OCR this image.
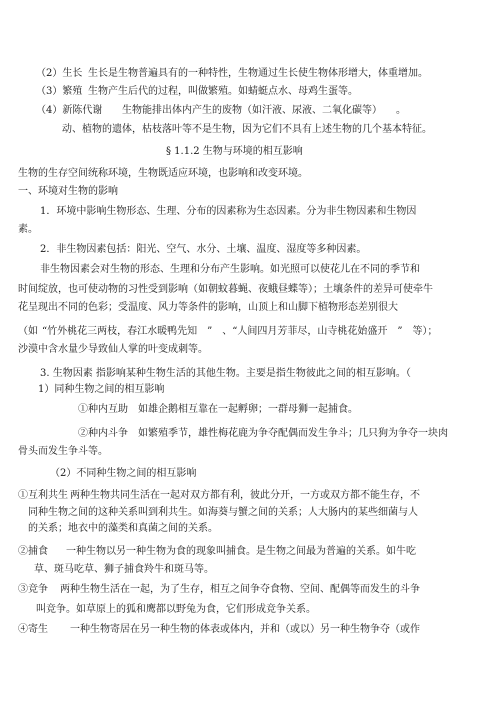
（2）生长 生长是生物普遍具有的一种特性，生物通过生长使生物体形增大，体重增加。
（3）繁殖 生物产生后代的过程，叫做繁殖。如蜻蜓点水、母鸡生蛋等。
（4）新陈代谢 生物能排出体内产生的废物（如汗液、尿液、二氧化碳等） 。
动、植物的遗体，枯枝落叶等不是生物，因为它们不具有上述生物的几个基本特征。
§ 1.1.2 生物与环境的相互影响
生物的生存空间统称环境，生物既适应环境，也影响和改变环境。
一、环境对生物的影响
1．环境中影响生物形态、生理、分布的因素称为生态因素。分为非生物因素和生物因
素。
2．非生物因素包括：阳光、空气、水分、土壤、温度、湿度等多种因素。
非生物因素会对生物的形态、生理和分布产生影响。如光照可以使花儿在不同的季节和
时间绽放，也可使动物的习性受到影响（如朝蚊暮蝇、夜蛾昼蝶等）；土壤条件的差异可使牵牛
花呈现出不同的色彩；受温度、风力等条件的影响，山顶上和山脚下植物形态差别很大
（如 “竹外桃花三两枝，春江水暖鸭先知 ” 、“人间四月芳菲尽，山寺桃花始盛开 ” 等）；
沙漠中含水量少导致仙人掌的叶变成刺等。
3. 生物因素 指影响某种生物生活的其他生物。主要是指生物彼此之间的相互影响。（
1）同种生物之间的相互影响
①种内互助 如雄企鹅相互靠在一起孵卵；一群母狮一起捕食。
②种内斗争 如繁殖季节，雄性梅花鹿为争夺配偶而发生争斗；几只狗为争夺一块肉
骨头而发生争斗等。
（2）不同种生物之间的相互影响
①互利共生 两种生物共同生活在一起对双方都有利，彼此分开，一方或双方都不能生存，不
同种生物之间的这种关系叫到利共生。如海葵与蟹之间的关系；人大肠内的某些细菌与人
的关系；地衣中的藻类和真菌之间的关系。
②捕食 一种生物以另一种生物为食的现象叫捕食。是生物之间最为普遍的关系。如牛吃
草、斑马吃草、狮子捕食羚牛和斑马等。
③竞争 两种生物生活在一起，为了生存，相互之间争夺食物、空间、配偶等而发生的斗争
叫竞争。如草原上的狐和鹰都以野兔为食，它们形成竞争关系。
④寄生 一种生物寄居在另一种生物的体表或体内，并和（或以）另一种生物争夺（或作
